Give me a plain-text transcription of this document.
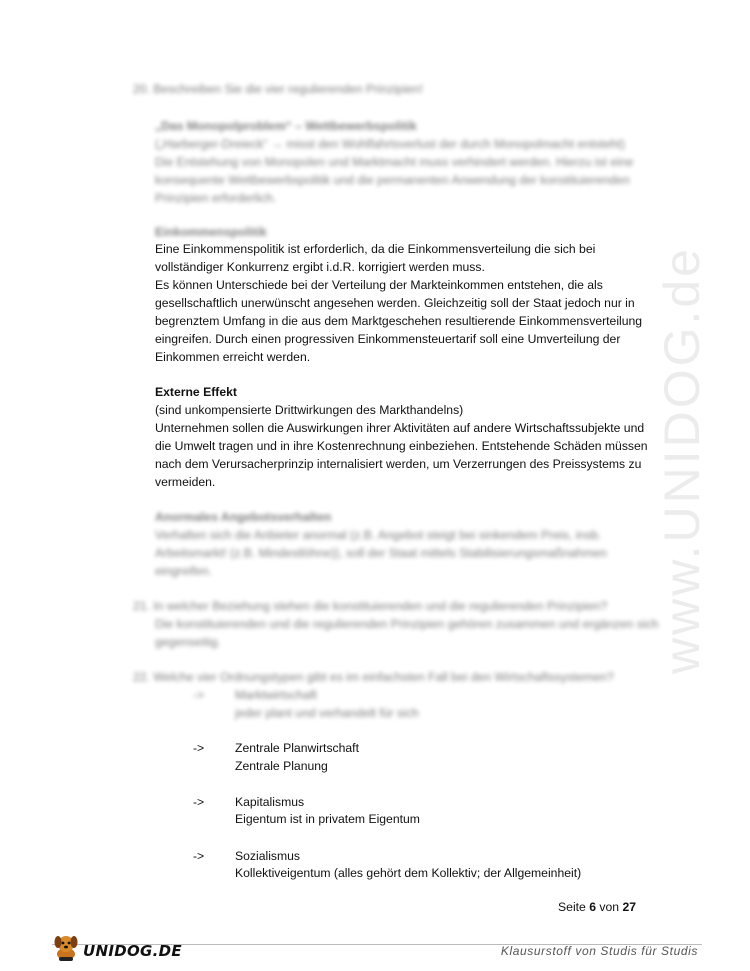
www.UNIDOG.de
20. Beschreiben Sie die vier regulierenden Prinzipien!
„Das Monopolproblem“ – Wettbewerbspolitik
(„Harberger-Dreieck“ → misst den Wohlfahrtsverlust der durch Monopolmacht entsteht)
Die Entstehung von Monopolen und Marktmacht muss verhindert werden. Hierzu ist eine
konsequente Wettbewerbspolitik und die permanenten Anwendung der konstituierenden
Prinzipien erforderlich.
Einkommenspolitik
Eine Einkommenspolitik ist erforderlich, da die Einkommensverteilung die sich bei
vollständiger Konkurrenz ergibt i.d.R. korrigiert werden muss.
Es können Unterschiede bei der Verteilung der Markteinkommen entstehen, die als
gesellschaftlich unerwünscht angesehen werden. Gleichzeitig soll der Staat jedoch nur in
begrenztem Umfang in die aus dem Marktgeschehen resultierende Einkommensverteilung
eingreifen. Durch einen progressiven Einkommensteuertarif soll eine Umverteilung der
Einkommen erreicht werden.
Externe Effekt
(sind unkompensierte Drittwirkungen des Markthandelns)
Unternehmen sollen die Auswirkungen ihrer Aktivitäten auf andere Wirtschaftssubjekte und
die Umwelt tragen und in ihre Kostenrechnung einbeziehen. Entstehende Schäden müssen
nach dem Verursacherprinzip internalisiert werden, um Verzerrungen des Preissystems zu
vermeiden.
Anormales Angebotsverhalten
Verhalten sich die Anbieter anormal (z.B. Angebot steigt bei sinkendem Preis, insb.
Arbeitsmarkt! (z.B. Mindestlöhne)), soll der Staat mittels Stabilisierungsmaßnahmen
eingreifen.
21. In welcher Beziehung stehen die konstituierenden und die regulierenden Prinzipien?
Die konstituierenden und die regulierenden Prinzipien gehören zusammen und ergänzen sich
gegenseitig.
22. Welche vier Ordnungstypen gibt es im einfachsten Fall bei den Wirtschaftssystemen?
->	Marktwirtschaft
jeder plant und verhandelt für sich
->	Zentrale Planwirtschaft
Zentrale Planung
->	Kapitalismus
Eigentum ist in privatem Eigentum
->	Sozialismus
Kollektiveigentum (alles gehört dem Kollektiv; der Allgemeinheit)
Seite 6 von 27
UNIDOG.DE	Klausurstoff von Studis für Studis
